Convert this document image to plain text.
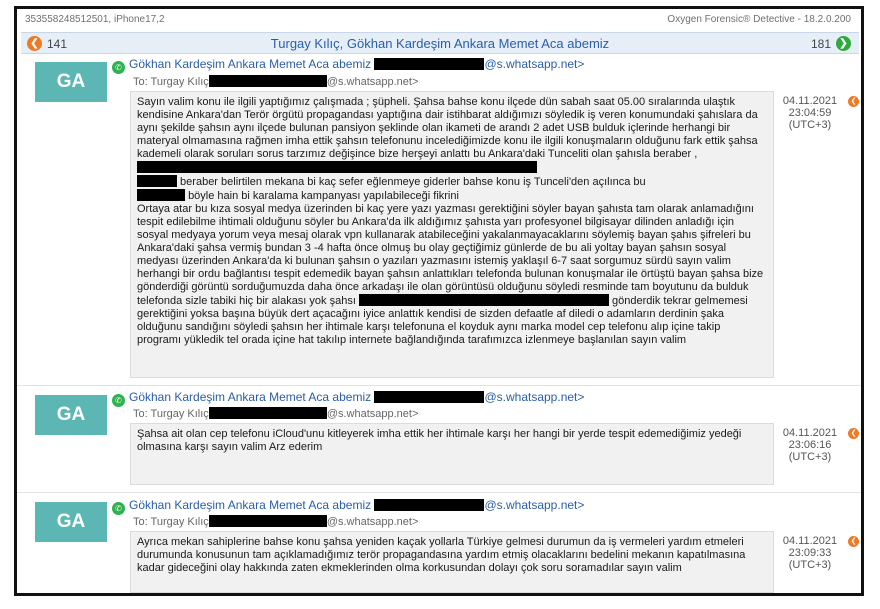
353558248512501, iPhone17,2	Oxygen Forensic® Detective - 18.2.0.200
❮ 141	Turgay Kılıç, Gökhan Kardeşim Ankara Memet Aca abemiz	181 ❯
GA
✆ Gökhan Kardeşim Ankara Memet Aca abemiz	@s.whatsapp.net>
To: Turgay Kılıç	@s.whatsapp.net>

Sayın valim konu ile ilgili yaptığımız çalışmada ; şüpheli. Şahsa bahse konu ilçede dün sabah saat 05.00 sıralarında ulaştık kendisine Ankara'dan Terör örgütü propagandası yaptığına dair istihbarat aldığımızı söyledik iş veren konumundaki şahıslara da aynı şekilde şahsın aynı ilçede bulunan pansiyon şeklinde olan ikameti de arandı 2 adet USB bulduk içlerinde herhangi bir materyal olmamasına rağmen imha ettik şahsın telefonunu incelediğimizde konu ile ilgili konuşmaların olduğunu fark ettik şahsa kademeli olarak soruları sorus tarzımız değişince bize herşeyi anlattı bu Ankara'daki Tunceliti olan şahısla beraber ,

beraber belirtilen mekana bi kaç sefer eğlenmeye giderler bahse konu iş Tunceli'den açılınca bu

böyle hain bi karalama kampanyası yapılabileceği fikrini
Ortaya atar bu kıza sosyal medya üzerinden bi kaç yere yazı yazması gerektiğini söyler bayan şahısta tam olarak anlamadığını tespit edilebilme ihtimali olduğunu söyler bu Ankara'da ilk aldığımız şahısta yarı profesyonel bilgisayar dilinden anladığı için sosyal medyaya yorum veya mesaj olarak vpn kullanarak atabileceğini yakalanmayacaklarını söylemiş bayan şahıs şifreleri bu Ankara'daki şahsa vermiş bundan 3 -4 hafta önce olmuş bu olay geçtiğimiz günlerde de bu ali yoltay bayan şahsın sosyal medyası üzerinden Ankara'da ki bulunan şahsın o yazıları yazmasını istemiş yaklaşıl 6-7 saat sorgumuz sürdü sayın valim herhangi bir ordu bağlantısı tespit edemedik bayan şahsın anlattıkları telefonda bulunan konuşmalar ile örtüştü bayan şahsa bize gönderdiği görüntü sorduğumuzda daha önce arkadaşı ile olan görüntüsü olduğunu söyledi resminde tam boyutunu da bulduk telefonda sizle tabiki hiç bir alakası yok şahsı	gönderdik tekrar gelmemesi gerektiğini yoksa başına büyük dert açacağını iyice anlattık kendisi de sizden defaatle af diledi o adamların derdinin şaka olduğunu sandığını söyledi şahsın her ihtimale karşı telefonuna el koyduk aynı marka model cep telefonu alıp içine takip programı yükledik tel orada içine hat takılıp internete bağlandığında tarafımızca izlenmeye başlanılan sayın valim

04.11.2021
23:04:59
(UTC+3)
❮
GA
✆ Gökhan Kardeşim Ankara Memet Aca abemiz	@s.whatsapp.net>
To: Turgay Kılıç	@s.whatsapp.net>

Şahsa ait olan cep telefonu iCloud'unu kitleyerek imha ettik her ihtimale karşı her hangi bir yerde tespit edemediğimiz yedeği olmasına karşı sayın valim Arz ederim

04.11.2021
23:06:16
(UTC+3)
❮
GA
✆ Gökhan Kardeşim Ankara Memet Aca abemiz	@s.whatsapp.net>
To: Turgay Kılıç	@s.whatsapp.net>

Ayrıca mekan sahiplerine bahse konu şahsa yeniden kaçak yollarla Türkiye gelmesi durumun da iş vermeleri yardım etmeleri durumunda konusunun tam açıklamadığımız terör propagandasına yardım etmiş olacaklarını bedelini mekanın kapatılmasına kadar gideceğini olay hakkında zaten ekmeklerinden olma korkusundan dolayı çok soru soramadılar sayın valim

04.11.2021
23:09:33
(UTC+3)
❮
